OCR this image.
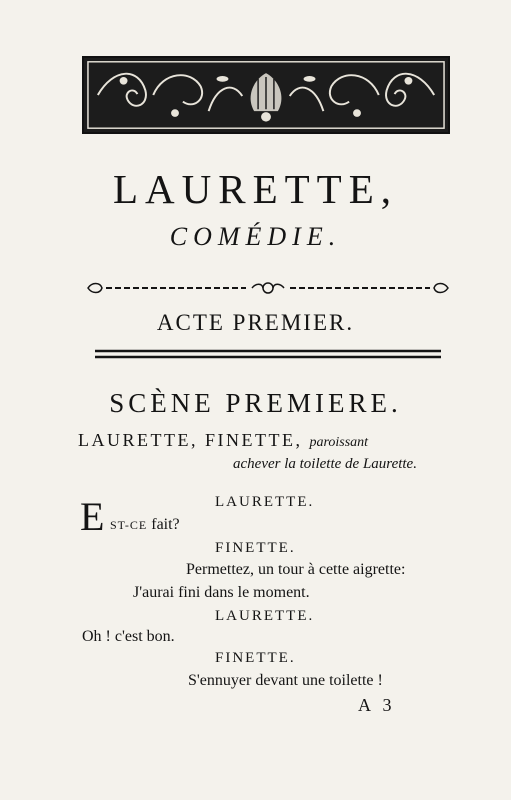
LAURETTE,
COMÉDIE.
ACTE PREMIER.
SCÈNE PREMIERE.
LAURETTE, FINETTE, paroissant
achever la toilette de Laurette.
LAURETTE.
E ST-CE fait?
FINETTE.
Permettez, un tour à cette aigrette:
J'aurai fini dans le moment.
LAURETTE.
Oh ! c'est bon.
FINETTE.
S'ennuyer devant une toilette !
A 3
